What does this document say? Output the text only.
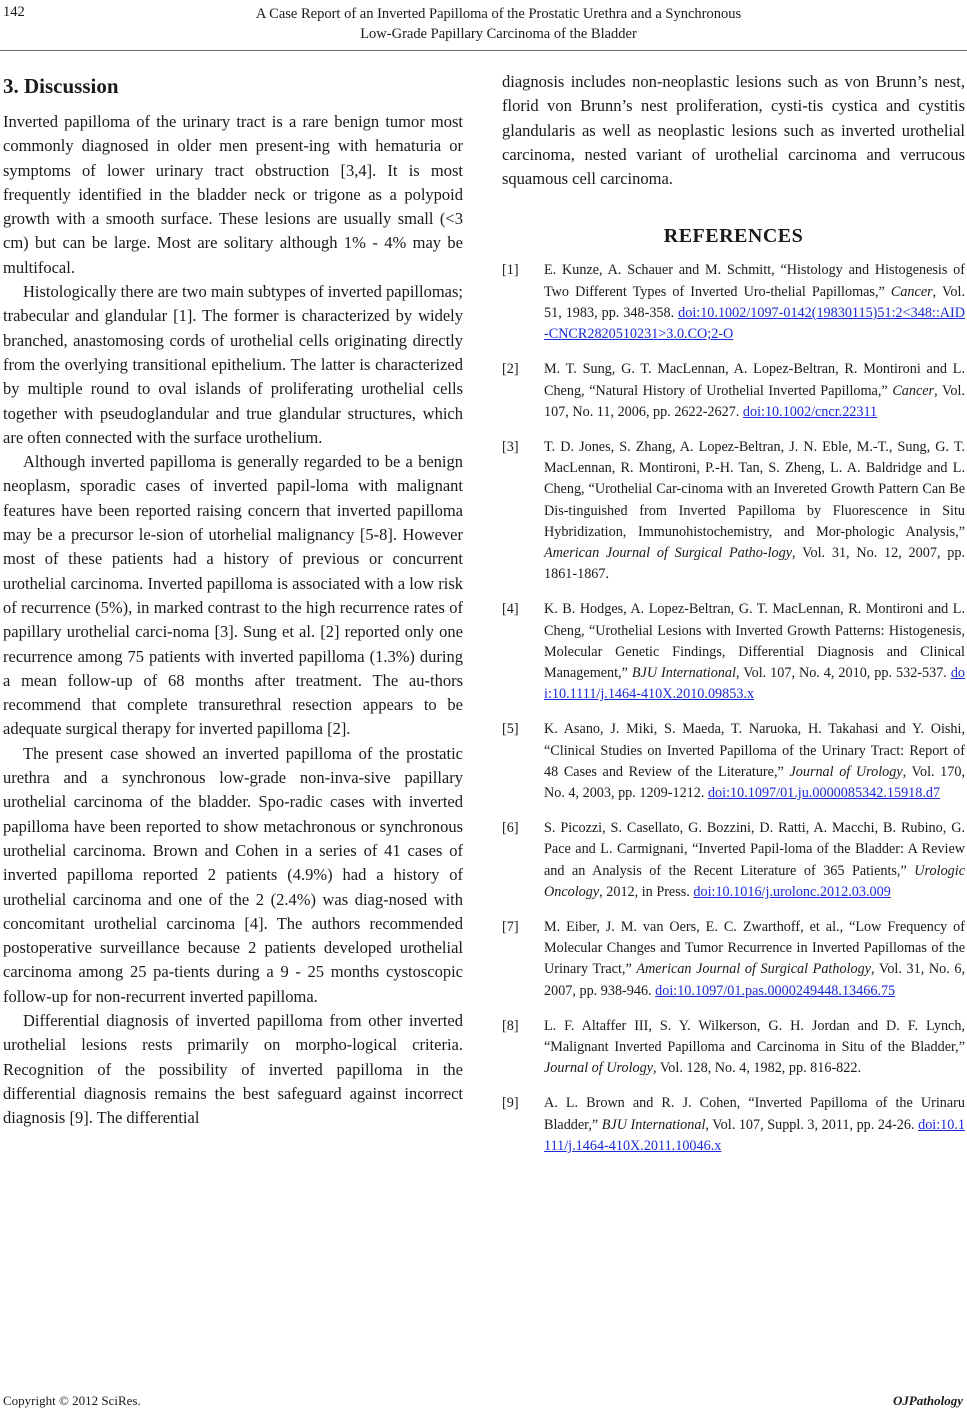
142	A Case Report of an Inverted Papilloma of the Prostatic Urethra and a Synchronous
Low-Grade Papillary Carcinoma of the Bladder
3. Discussion

Inverted papilloma of the urinary tract is a rare benign tumor most commonly diagnosed in older men present-ing with hematuria or symptoms of lower urinary tract obstruction [3,4]. It is most frequently identified in the bladder neck or trigone as a polypoid growth with a smooth surface. These lesions are usually small (<3 cm) but can be large. Most are solitary although 1% - 4% may be multifocal.

Histologically there are two main subtypes of inverted papillomas; trabecular and glandular [1]. The former is characterized by widely branched, anastomosing cords of urothelial cells originating directly from the overlying transitional epithelium. The latter is characterized by multiple round to oval islands of proliferating urothelial cells together with pseudoglandular and true glandular structures, which are often connected with the surface urothelium.

Although inverted papilloma is generally regarded to be a benign neoplasm, sporadic cases of inverted papil-loma with malignant features have been reported raising concern that inverted papilloma may be a precursor le-sion of utorhelial malignancy [5-8]. However most of these patients had a history of previous or concurrent urothelial carcinoma. Inverted papilloma is associated with a low risk of recurrence (5%), in marked contrast to the high recurrence rates of papillary urothelial carci-noma [3]. Sung et al. [2] reported only one recurrence among 75 patients with inverted papilloma (1.3%) during a mean follow-up of 68 months after treatment. The au-thors recommend that complete transurethral resection appears to be adequate surgical therapy for inverted papilloma [2].

The present case showed an inverted papilloma of the prostatic urethra and a synchronous low-grade non-inva-sive papillary urothelial carcinoma of the bladder. Spo-radic cases with inverted papilloma have been reported to show metachronous or synchronous urothelial carcinoma. Brown and Cohen in a series of 41 cases of inverted papilloma reported 2 patients (4.9%) had a history of urothelial carcinoma and one of the 2 (2.4%) was diag-nosed with concomitant urothelial carcinoma [4]. The authors recommended postoperative surveillance because 2 patients developed urothelial carcinoma among 25 pa-tients during a 9 - 25 months cystoscopic follow-up for non-recurrent inverted papilloma.

Differential diagnosis of inverted papilloma from other inverted urothelial lesions rests primarily on morpho-logical criteria. Recognition of the possibility of inverted papilloma in the differential diagnosis remains the best safeguard against incorrect diagnosis [9]. The differential

diagnosis includes non-neoplastic lesions such as von Brunn’s nest, florid von Brunn’s nest proliferation, cysti-tis cystica and cystitis glandularis as well as neoplastic lesions such as inverted urothelial carcinoma, nested variant of urothelial carcinoma and verrucous squamous cell carcinoma.

REFERENCES
[1] E. Kunze, A. Schauer and M. Schmitt, “Histology and Histogenesis of Two Different Types of Inverted Uro-thelial Papillomas,” Cancer, Vol. 51, 1983, pp. 348-358. doi:10.1002/1097-0142(19830115)51:2<348::AID-CNCR2820510231>3.0.CO;2-O
[2] M. T. Sung, G. T. MacLennan, A. Lopez-Beltran, R. Montironi and L. Cheng, “Natural History of Urothelial Inverted Papilloma,” Cancer, Vol. 107, No. 11, 2006, pp. 2622-2627. doi:10.1002/cncr.22311
[3] T. D. Jones, S. Zhang, A. Lopez-Beltran, J. N. Eble, M.-T., Sung, G. T. MacLennan, R. Montironi, P.-H. Tan, S. Zheng, L. A. Baldridge and L. Cheng, “Urothelial Car-cinoma with an Invereted Growth Pattern Can Be Dis-tinguished from Inverted Papilloma by Fluorescence in Situ Hybridization, Immunohistochemistry, and Mor-phologic Analysis,” American Journal of Surgical Patho-logy, Vol. 31, No. 12, 2007, pp. 1861-1867.
[4] K. B. Hodges, A. Lopez-Beltran, G. T. MacLennan, R. Montironi and L. Cheng, “Urothelial Lesions with Inverted Growth Patterns: Histogenesis, Molecular Genetic Findings, Differential Diagnosis and Clinical Management,” BJU International, Vol. 107, No. 4, 2010, pp. 532-537. doi:10.1111/j.1464-410X.2010.09853.x
[5] K. Asano, J. Miki, S. Maeda, T. Naruoka, H. Takahasi and Y. Oishi, “Clinical Studies on Inverted Papilloma of the Urinary Tract: Report of 48 Cases and Review of the Literature,” Journal of Urology, Vol. 170, No. 4, 2003, pp. 1209-1212. doi:10.1097/01.ju.0000085342.15918.d7
[6] S. Picozzi, S. Casellato, G. Bozzini, D. Ratti, A. Macchi, B. Rubino, G. Pace and L. Carmignani, “Inverted Papil-loma of the Bladder: A Review and an Analysis of the Recent Literature of 365 Patients,” Urologic Oncology, 2012, in Press. doi:10.1016/j.urolonc.2012.03.009
[7] M. Eiber, J. M. van Oers, E. C. Zwarthoff, et al., “Low Frequency of Molecular Changes and Tumor Recurrence in Inverted Papillomas of the Urinary Tract,” American Journal of Surgical Pathology, Vol. 31, No. 6, 2007, pp. 938-946. doi:10.1097/01.pas.0000249448.13466.75
[8] L. F. Altaffer III, S. Y. Wilkerson, G. H. Jordan and D. F. Lynch, “Malignant Inverted Papilloma and Carcinoma in Situ of the Bladder,” Journal of Urology, Vol. 128, No. 4, 1982, pp. 816-822.
[9] A. L. Brown and R. J. Cohen, “Inverted Papilloma of the Urinaru Bladder,” BJU International, Vol. 107, Suppl. 3, 2011, pp. 24-26. doi:10.1111/j.1464-410X.2011.10046.x
Copyright © 2012 SciRes.	OJPathology
